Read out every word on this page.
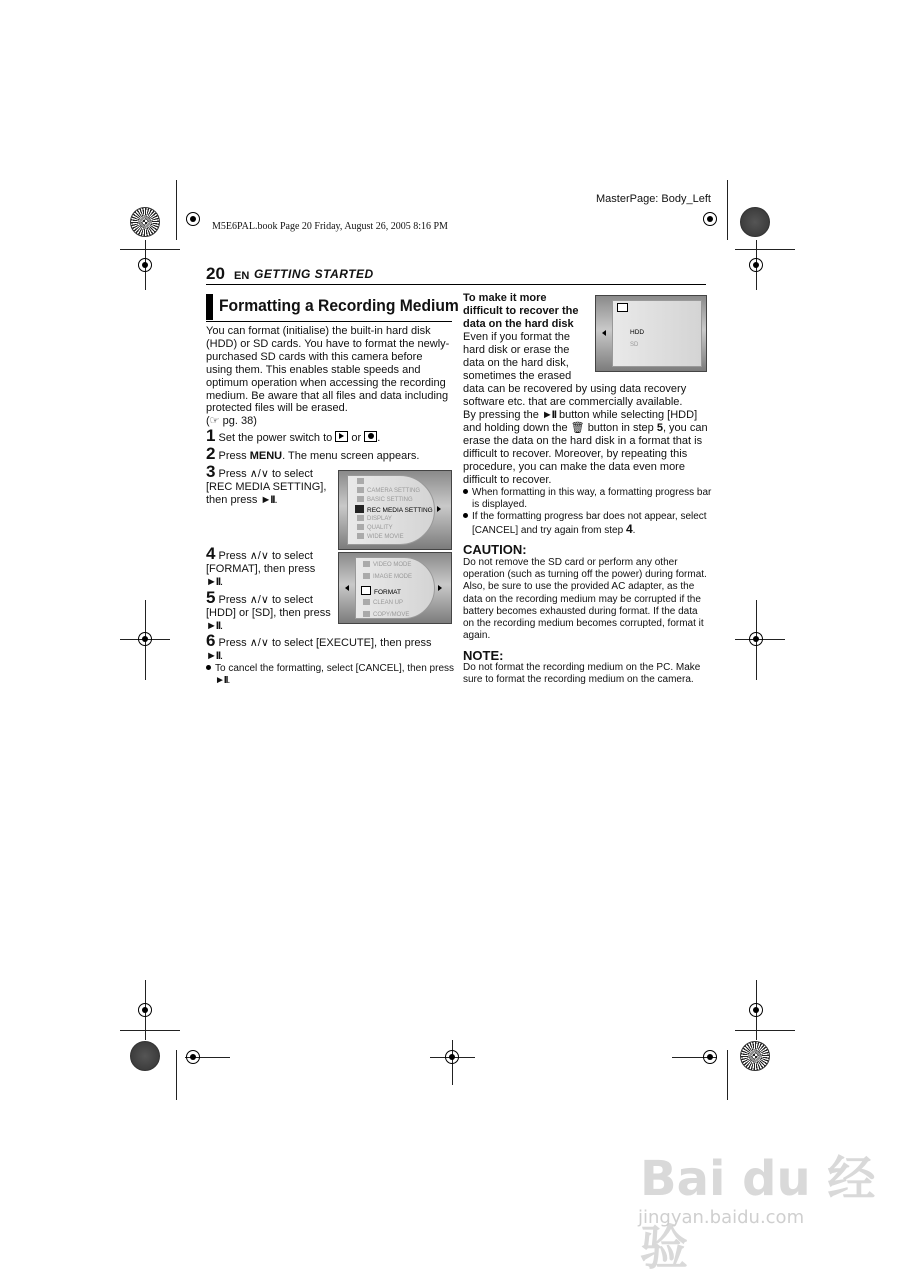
MasterPage: Body_Left
M5E6PAL.book Page 20 Friday, August 26, 2005 8:16 PM
20 EN GETTING STARTED
Formatting a Recording Medium
You can format (initialise) the built-in hard disk (HDD) or SD cards. You have to format the newly-purchased SD cards with this camera before using them. This enables stable speeds and optimum operation when accessing the recording medium. Be aware that all files and data including protected files will be erased.
(☞ pg. 38)
1 Set the power switch to or .
2 Press MENU. The menu screen appears.
3 Press ∧/∨ to select [REC MEDIA SETTING], then press ►II.
CAMERA SETTING
BASIC SETTING
REC MEDIA SETTING
DISPLAY
QUALITY
WIDE MOVIE
4 Press ∧/∨ to select [FORMAT], then press ►II.
5 Press ∧/∨ to select [HDD] or [SD], then press ►II.
VIDEO MODE
IMAGE MODE
FORMAT
CLEAN UP
COPY/MOVE
6 Press ∧/∨ to select [EXECUTE], then press ►II.
To cancel the formatting, select [CANCEL], then press ►II.
To make it more difficult to recover the data on the hard disk
Even if you format the hard disk or erase the data on the hard disk, sometimes the erased
HDD
SD
data can be recovered by using data recovery software etc. that are commercially available.
By pressing the ►II button while selecting [HDD] and holding down the 🗑 button in step 5, you can erase the data on the hard disk in a format that is difficult to recover. Moreover, by repeating this procedure, you can make the data even more difficult to recover.
When formatting in this way, a formatting progress bar is displayed.
If the formatting progress bar does not appear, select [CANCEL] and try again from step 4.
CAUTION:
Do not remove the SD card or perform any other operation (such as turning off the power) during format. Also, be sure to use the provided AC adapter, as the data on the recording medium may be corrupted if the battery becomes exhausted during format. If the data on the recording medium becomes corrupted, format it again.
NOTE:
Do not format the recording medium on the PC. Make sure to format the recording medium on the camera.
Bai du 经验
jingyan.baidu.com
